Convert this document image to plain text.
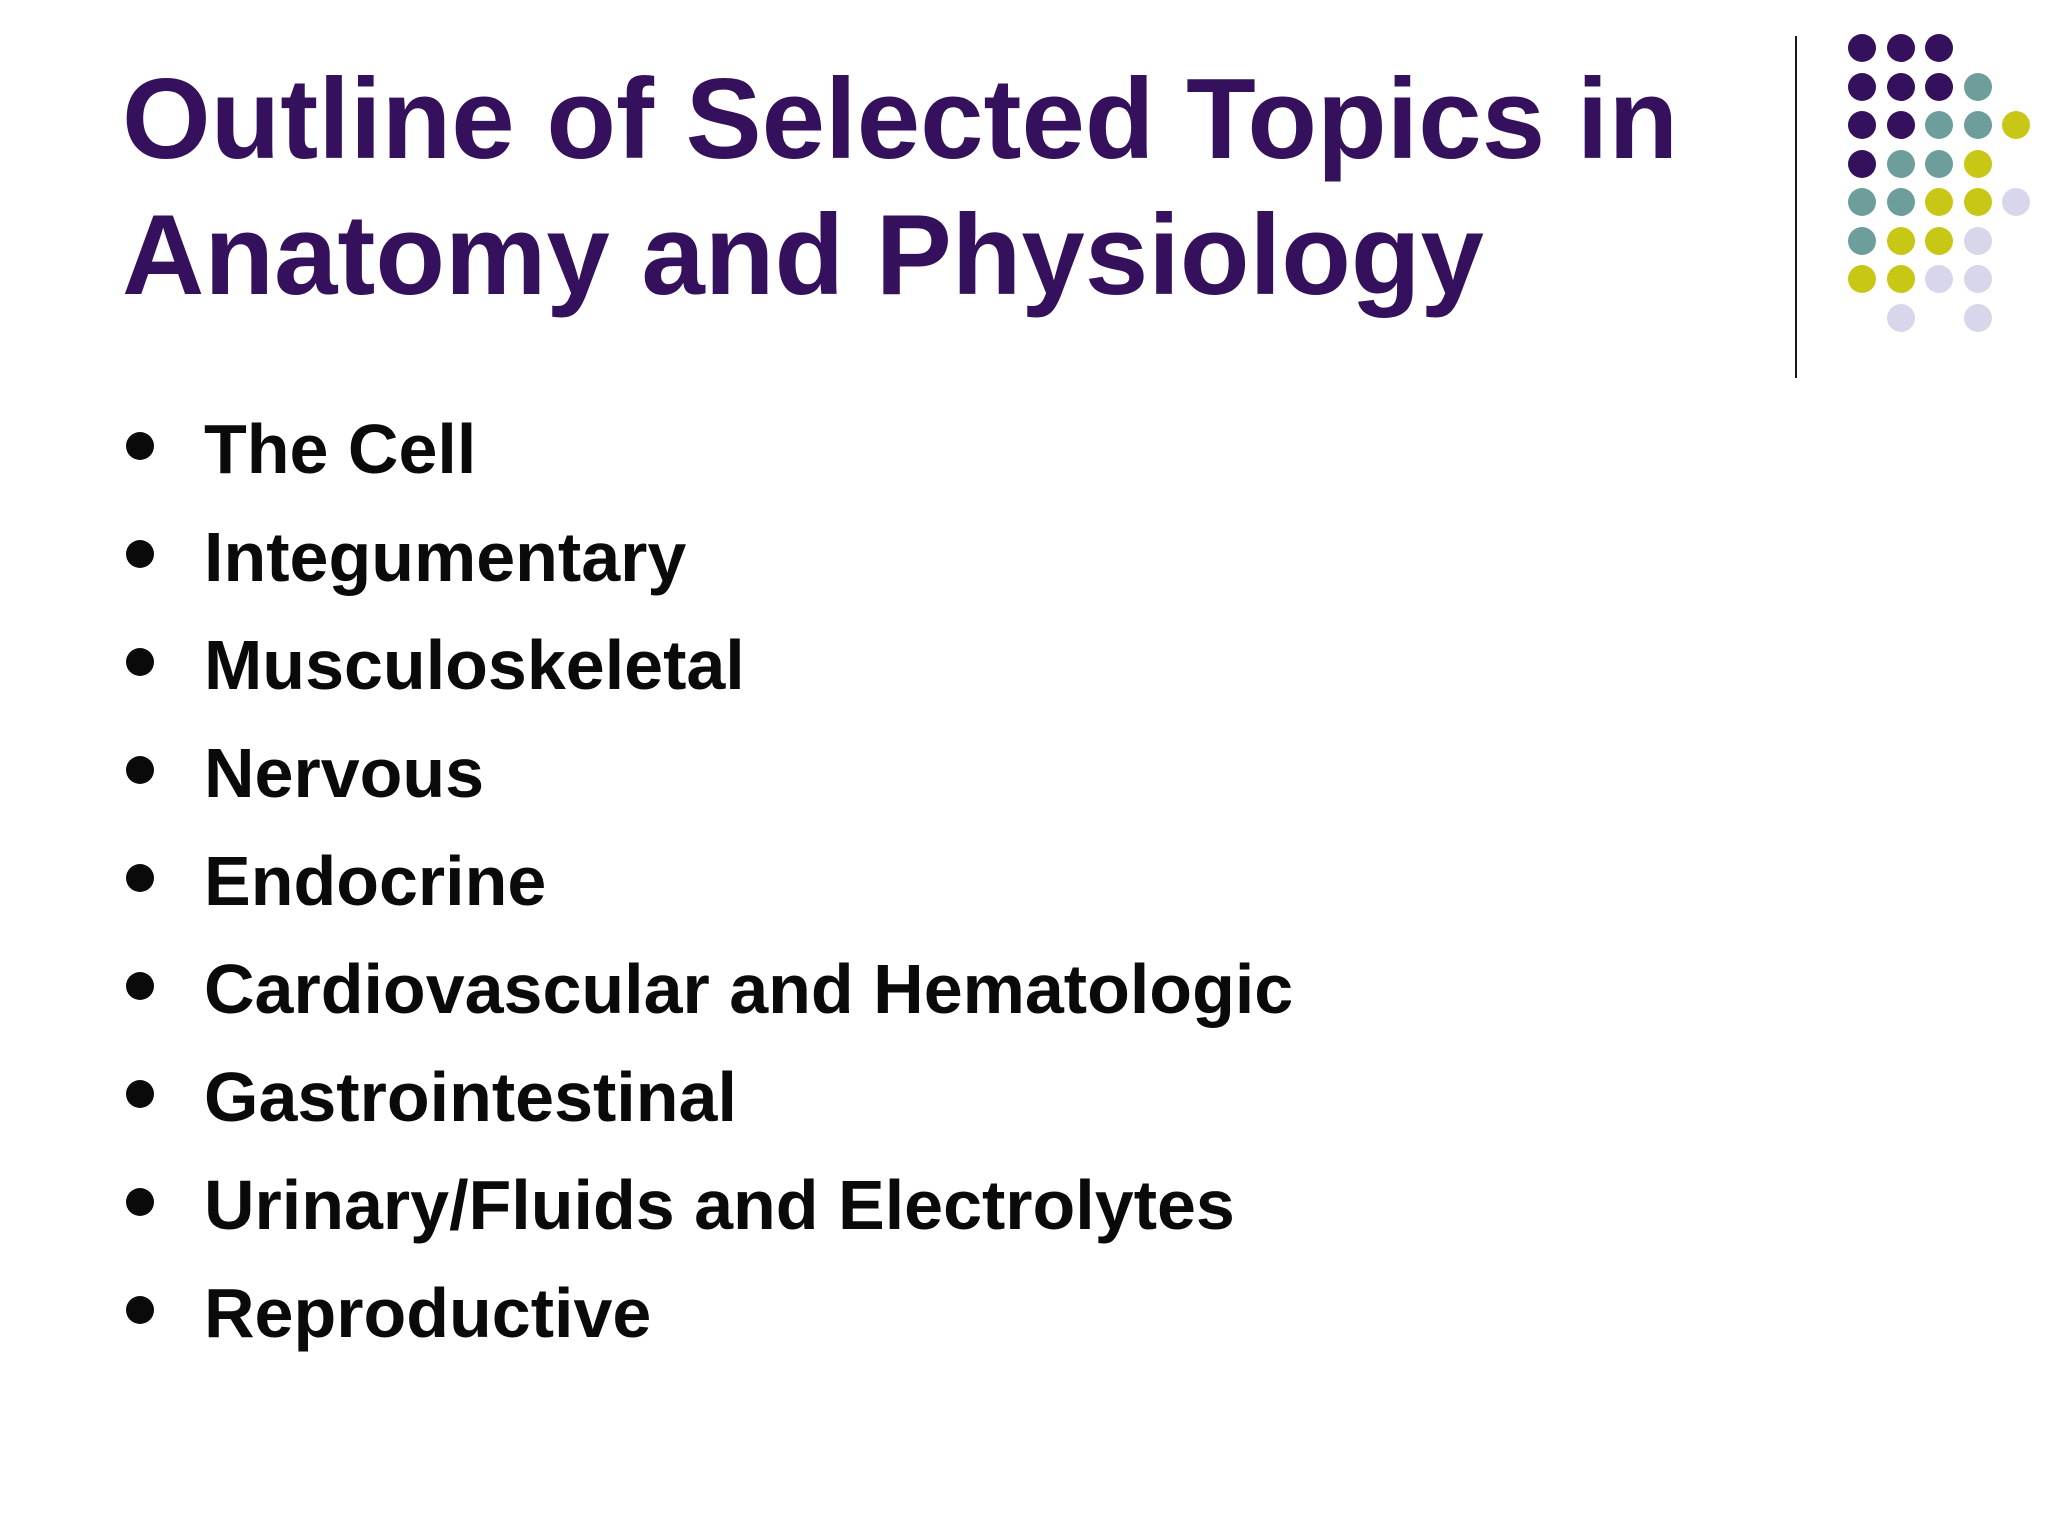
Outline of Selected Topics in
Anatomy and Physiology
The Cell
Integumentary
Musculoskeletal
Nervous
Endocrine
Cardiovascular and Hematologic
Gastrointestinal
Urinary/Fluids and Electrolytes
Reproductive
